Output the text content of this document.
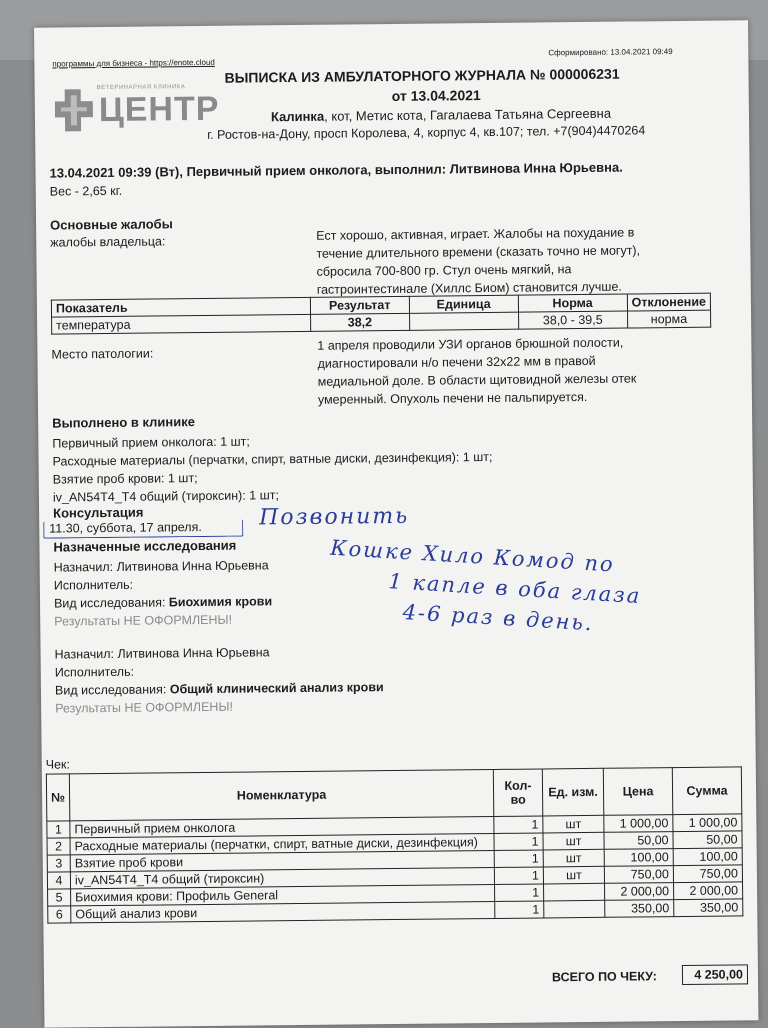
программы для бизнеса - https://enote.cloud
Сформировано: 13.04.2021 09:49
ВЕТЕРИНАРНАЯ КЛИНИКА
ЦЕНТР
ВЫПИСКА ИЗ АМБУЛАТОРНОГО ЖУРНАЛА № 000006231
от 13.04.2021
Калинка, кот, Метис кота, Гагалаева Татьяна Сергеевна
г. Ростов-на-Дону, просп Королева, 4, корпус 4, кв.107; тел. +7(904)4470264
13.04.2021 09:39 (Вт), Первичный прием онколога, выполнил: Литвинова Инна Юрьевна.
Вес - 2,65 кг.
Основные жалобы
жалобы владельца:	Ест хорошо, активная, играет. Жалобы на похудание в
течение длительного времени (сказать точно не могут),
сбросила 700-800 гр. Стул очень мягкий, на
гастроинтестинале (Хиллс Биом) становится лучше.
Показатель	Результат	Единица	Норма	Отклонение
температура	38,2		38,0 - 39,5	норма
Место патологии:
1 апреля проводили УЗИ органов брюшной полости,
диагностировали н/о печени 32х22 мм в правой
медиальной доле. В области щитовидной железы отек
умеренный. Опухоль печени не пальпируется.
Выполнено в клинике
Первичный прием онколога: 1 шт;
Расходные материалы (перчатки, спирт, ватные диски, дезинфекция): 1 шт;
Взятие проб крови: 1 шт;
iv_AN54T4_T4 общий (тироксин): 1 шт;
Консультация
11.30, суббота, 17 апреля.	Позвонить
Назначенные исследования
Назначил: Литвинова Инна Юрьевна
Исполнитель:
Вид исследования: Биохимия крови
Результаты НЕ ОФОРМЛЕНЫ!
Назначил: Литвинова Инна Юрьевна
Исполнитель:
Вид исследования: Общий клинический анализ крови
Результаты НЕ ОФОРМЛЕНЫ!
Кошке Хило Комод по
1 капле в оба глаза
4-6 раз в день.
Чек:
№	Номенклатура	Кол-во	Ед. изм.	Цена	Сумма
1	Первичный прием онколога	1	шт	1 000,00	1 000,00
2	Расходные материалы (перчатки, спирт, ватные диски, дезинфекция)	1	шт	50,00	50,00
3	Взятие проб крови	1	шт	100,00	100,00
4	iv_AN54T4_T4 общий (тироксин)	1	шт	750,00	750,00
5	Биохимия крови: Профиль General	1		2 000,00	2 000,00
6	Общий анализ крови	1		350,00	350,00
ВСЕГО ПО ЧЕКУ:	4 250,00
